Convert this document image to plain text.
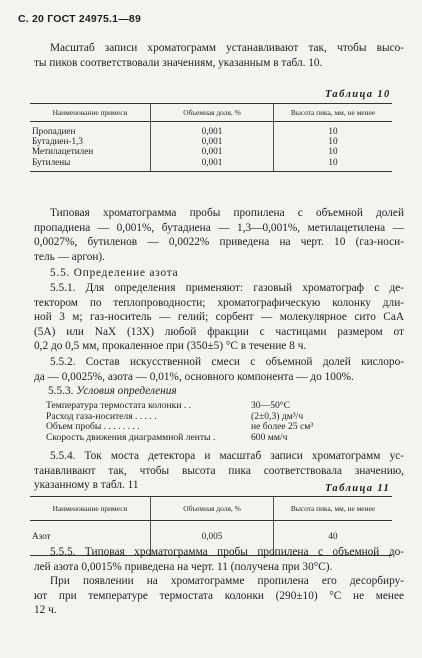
С. 20 ГОСТ 24975.1—89
Масштаб записи хроматограмм устанавливают так, чтобы высо-
ты пиков соответствовали значениям, указанным в табл. 10.
Таблица 10
Наименование примеси	Объемная доля, %	Высота пика, мм, не менее
Пропадиен	0,001	10
Бутадиен-1,3	0,001	10
Метилацетилен	0,001	10
Бутилены	0,001	10
Типовая хроматограмма пробы пропилена с объемной долей
пропадиена — 0,001%, бутадиена — 1,3—0,001%, метилацетилена —
0,0027%, бутиленов — 0,0022% приведена на черт. 10 (газ-носи-
тель — аргон).
5.5. Определение азота
5.5.1. Для определения применяют: газовый хроматограф с де-
тектором по теплопроводности; хроматографическую колонку дли-
ной 3 м; газ-носитель — гелий; сорбент — молекулярное сито CaA
(5A) или NaX (13X) любой фракции с частицами размером от
0,2 до 0,5 мм, прокаленное при (350±5) °С в течение 8 ч.
5.5.2. Состав искусственной смеси с объемной долей кислоро-
да — 0,0025%, азота — 0,01%, основного компонента — до 100%.
5.5.3. Условия определения
Температура термостата колонки . .	30—50°С
Расход газа-носителя . . . . .	(2±0,3) дм³/ч
Объем пробы . . . . . . . .	не более 25 см³
Скорость движения диаграммной ленты .	600 мм/ч
5.5.4. Ток моста детектора и масштаб записи хроматограмм ус-
танавливают так, чтобы высота пика соответствовала значению,
указанному в табл. 11	Таблица 11
Наименование примеси	Объемная доля, %	Высота пика, мм, не менее
Азот	0,005	40
5.5.5. Типовая хроматограмма пробы пропилена с объемной до-
лей азота 0,0015% приведена на черт. 11 (получена при 30°С).
При появлении на хроматограмме пропилена его десорбиру-
ют при температуре термостата колонки (290±10) °С не менее
12 ч.
